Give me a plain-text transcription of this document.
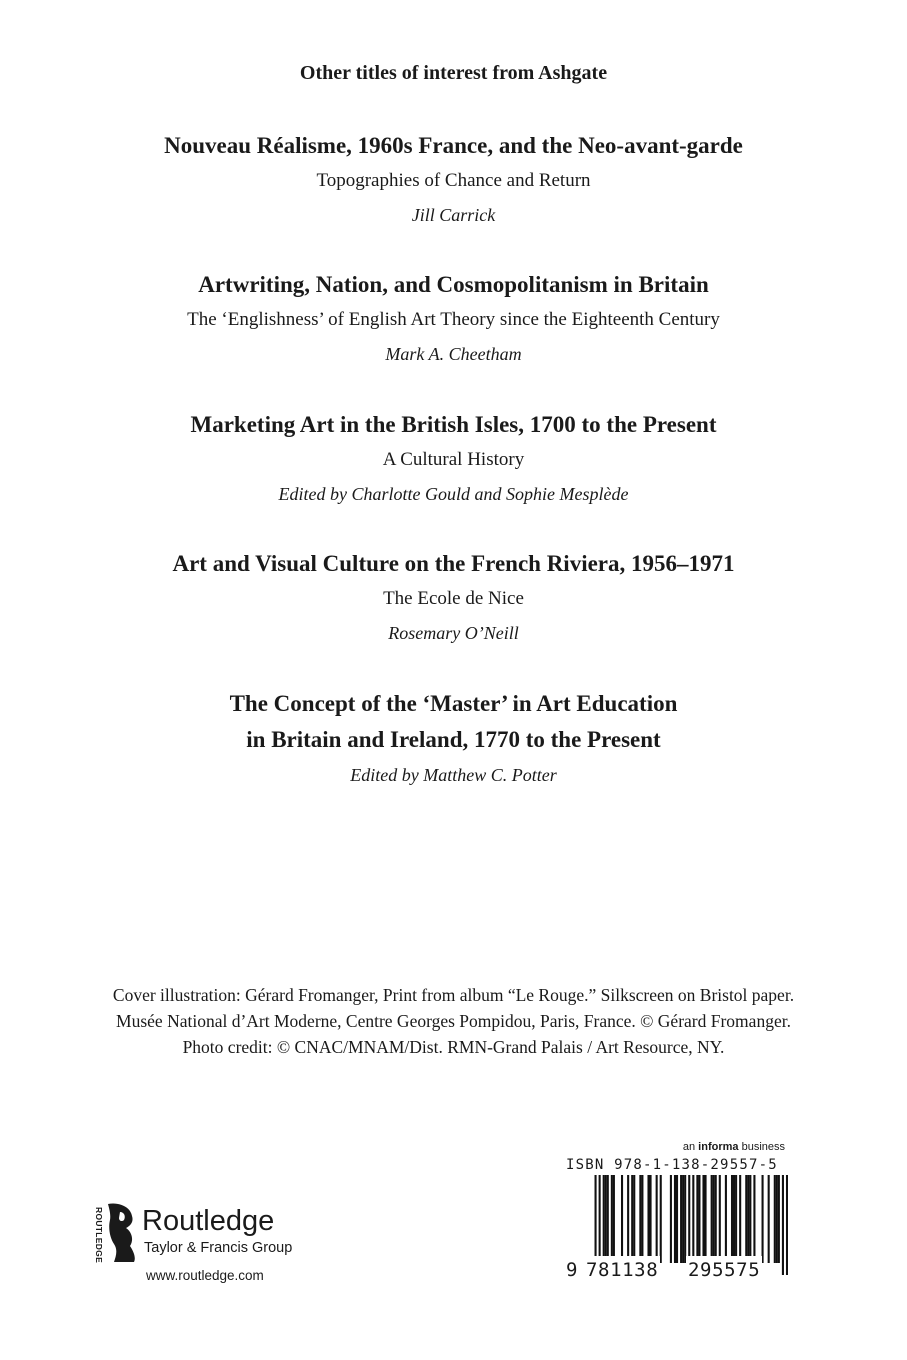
Other titles of interest from Ashgate
Nouveau Réalisme, 1960s France, and the Neo-avant-garde
Topographies of Chance and Return
Jill Carrick
Artwriting, Nation, and Cosmopolitanism in Britain
The ‘Englishness’ of English Art Theory since the Eighteenth Century
Mark A. Cheetham
Marketing Art in the British Isles, 1700 to the Present
A Cultural History
Edited by Charlotte Gould and Sophie Mesplède
Art and Visual Culture on the French Riviera, 1956–1971
The Ecole de Nice
Rosemary O’Neill
The Concept of the ‘Master’ in Art Education
in Britain and Ireland, 1770 to the Present
Edited by Matthew C. Potter
Cover illustration: Gérard Fromanger, Print from album “Le Rouge.” Silkscreen on Bristol paper.
Musée National d’Art Moderne, Centre Georges Pompidou, Paris, France. © Gérard Fromanger.
Photo credit: © CNAC/MNAM/Dist. RMN-Grand Palais / Art Resource, NY.
ROUTLEDGE Routledge
Taylor & Francis Group
www.routledge.com
an informa business
ISBN 978-1-138-29557-5
9 781138 295575
